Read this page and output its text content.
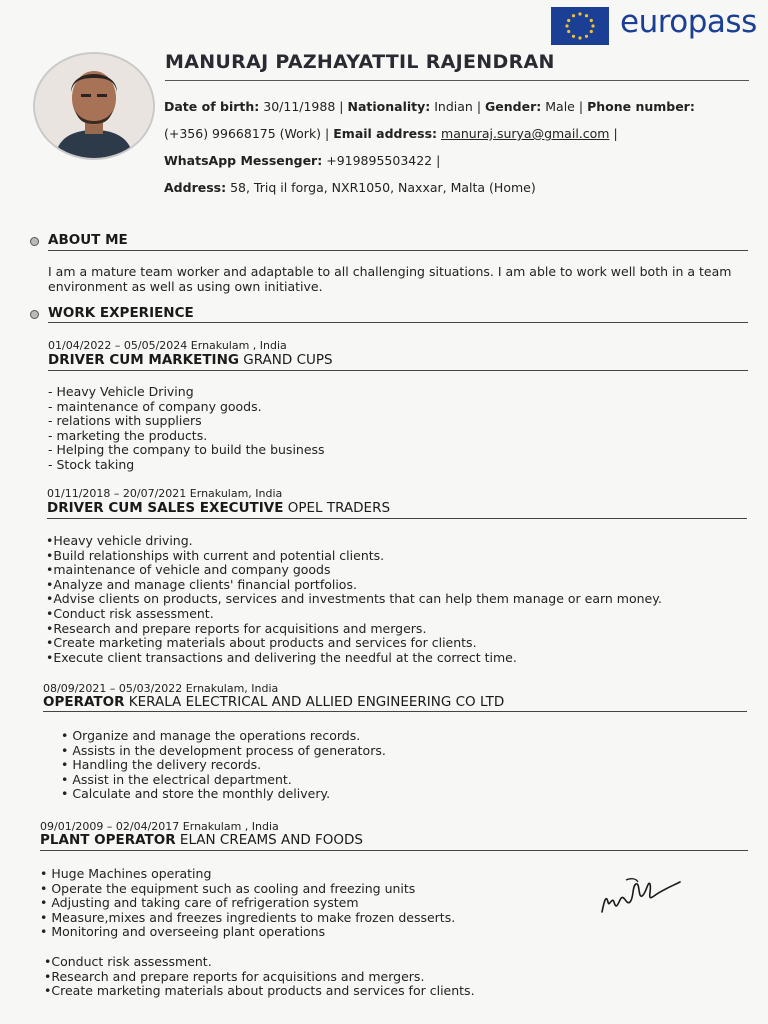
europass
MANURAJ PAZHAYATTIL RAJENDRAN
Date of birth: 30/11/1988 | Nationality: Indian | Gender: Male | Phone number:
(+356) 99668175 (Work) | Email address: manuraj.surya@gmail.com |
WhatsApp Messenger: +919895503422 |
Address: 58, Triq il forga, NXR1050, Naxxar, Malta (Home)
ABOUT ME
I am a mature team worker and adaptable to all challenging situations. I am able to work well both in a team environment as well as using own initiative.
WORK EXPERIENCE
01/04/2022 – 05/05/2024 Ernakulam , India
DRIVER CUM MARKETING GRAND CUPS
- Heavy Vehicle Driving
- maintenance of company goods.
- relations with suppliers
- marketing the products.
- Helping the company to build the business
- Stock taking
01/11/2018 – 20/07/2021 Ernakulam, India
DRIVER CUM SALES EXECUTIVE OPEL TRADERS
•Heavy vehicle driving.
•Build relationships with current and potential clients.
•maintenance of vehicle and company goods
•Analyze and manage clients' financial portfolios.
•Advise clients on products, services and investments that can help them manage or earn money.
•Conduct risk assessment.
•Research and prepare reports for acquisitions and mergers.
•Create marketing materials about products and services for clients.
•Execute client transactions and delivering the needful at the correct time.
08/09/2021 – 05/03/2022 Ernakulam, India
OPERATOR KERALA ELECTRICAL AND ALLIED ENGINEERING CO LTD
• Organize and manage the operations records.
• Assists in the development process of generators.
• Handling the delivery records.
• Assist in the electrical department.
• Calculate and store the monthly delivery.
09/01/2009 – 02/04/2017 Ernakulam , India
PLANT OPERATOR ELAN CREAMS AND FOODS
• Huge Machines operating
• Operate the equipment such as cooling and freezing units
• Adjusting and taking care of refrigeration system
• Measure,mixes and freezes ingredients to make frozen desserts.
• Monitoring and overseeing plant operations
•Conduct risk assessment.
•Research and prepare reports for acquisitions and mergers.
•Create marketing materials about products and services for clients.
